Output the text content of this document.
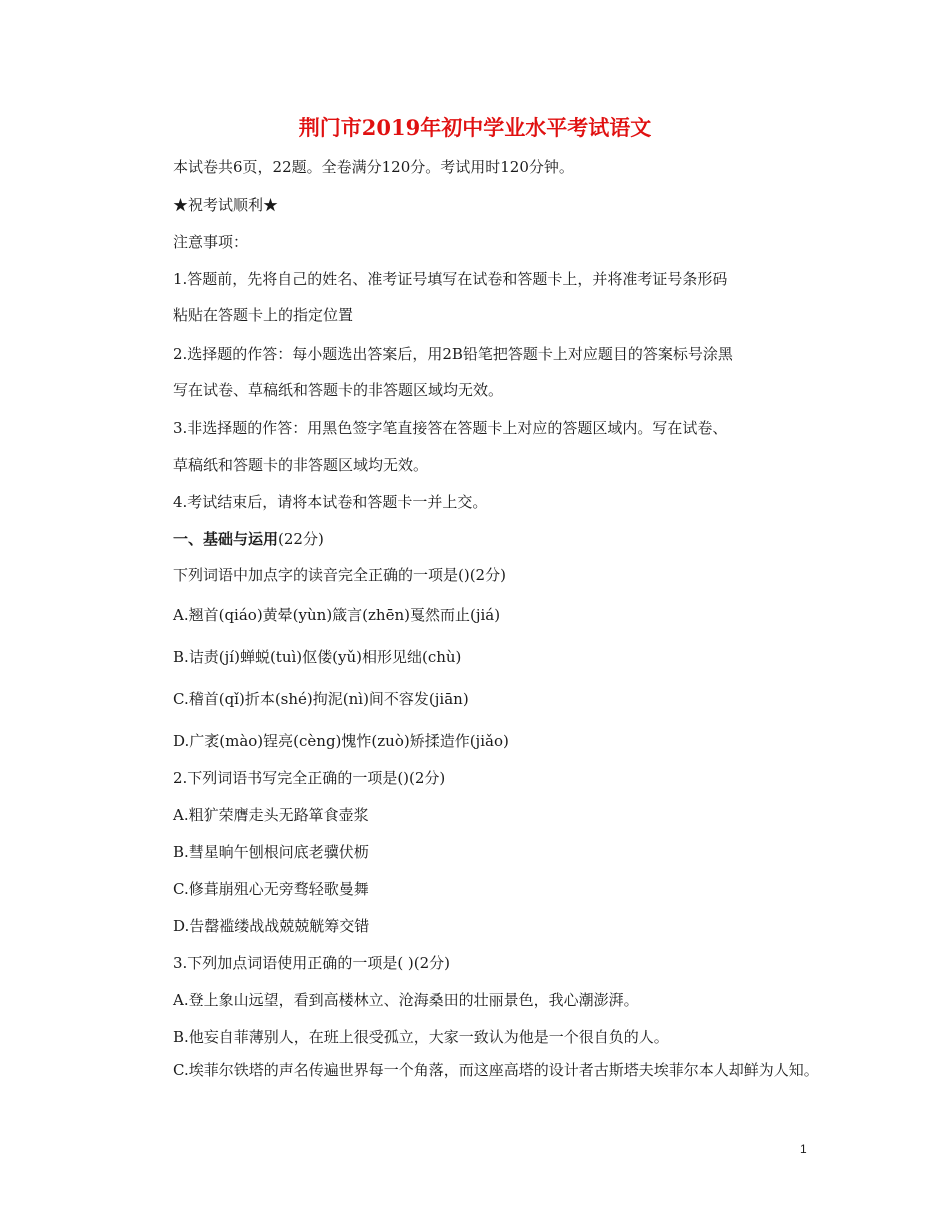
荆门市2019年初中学业水平考试语文
本试卷共6页，22题。全卷满分120分。考试用时120分钟。
★祝考试顺利★
注意事项：
1.答题前，先将自己的姓名、准考证号填写在试卷和答题卡上，并将准考证号条形码
粘贴在答题卡上的指定位置
2.选择题的作答：每小题选出答案后，用2B铅笔把答题卡上对应题目的答案标号涂黑
写在试卷、草稿纸和答题卡的非答题区域均无效。
3.非选择题的作答：用黑色签字笔直接答在答题卡上对应的答题区域内。写在试卷、
草稿纸和答题卡的非答题区域均无效。
4.考试结束后，请将本试卷和答题卡一并上交。
一、基础与运用(22分)
下列词语中加点字的读音完全正确的一项是()(2分)
A.翘首(qiáo)黄晕(yùn)箴言(zhēn)戛然而止(jiá)
B.诘责(jí)蝉蜕(tuì)伛偻(yǔ)相形见绌(chù)
C.稽首(qǐ)折本(shé)拘泥(nì)间不容发(jiān)
D.广袤(mào)锃亮(cèng)愧怍(zuò)矫揉造作(jiǎo)
2.下列词语书写完全正确的一项是()(2分)
A.粗犷荣膺走头无路箪食壶浆
B.彗星晌午刨根问底老骥伏枥
C.修葺崩殂心无旁骛轻歌曼舞
D.告罄褴缕战战兢兢觥筹交错
3.下列加点词语使用正确的一项是( )(2分)
A.登上象山远望，看到高楼林立、沧海桑田的壮丽景色，我心潮澎湃。
B.他妄自菲薄别人，在班上很受孤立，大家一致认为他是一个很自负的人。
C.埃菲尔铁塔的声名传遍世界每一个角落，而这座高塔的设计者古斯塔夫埃菲尔本人却鲜为人知。
1
